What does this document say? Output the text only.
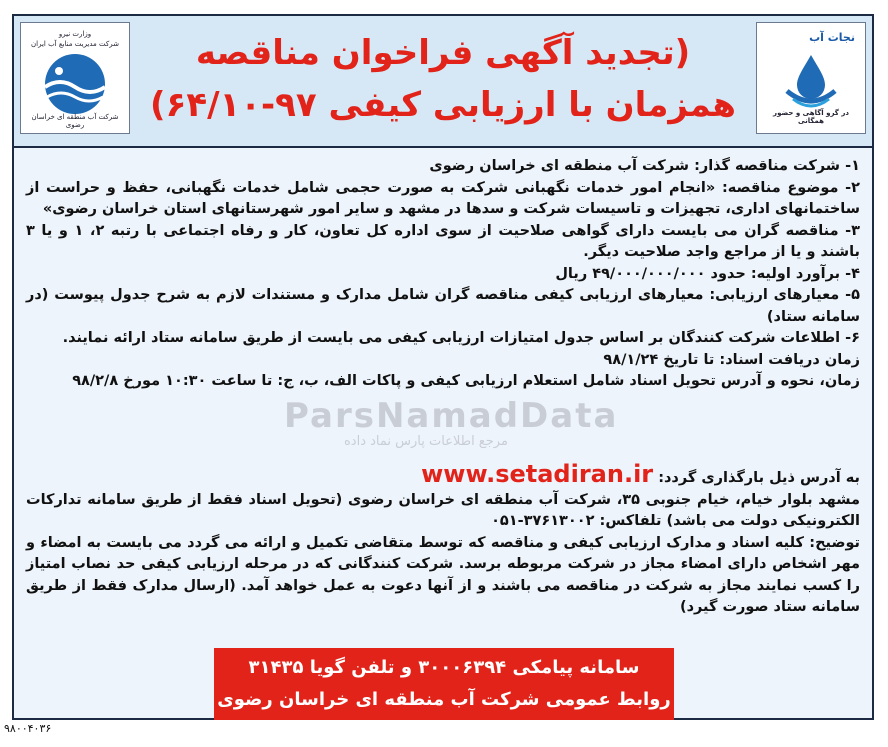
وزارت نیرو
شرکت مدیریت منابع آب ایران
شرکت آب منطقه ای خراسان رضوی
(تجدید آگهی فراخوان مناقصه
همزمان با ارزیابی کیفی ۹۷-۶۴/۱۰)
نجات آب
در گرو آگاهی و حضور همگانی
ParsNamadData
مرجع اطلاعات پارس نماد داده

۱- شرکت مناقصه گذار: شرکت آب منطقه ای خراسان رضوی

۲- موضوع مناقصه: «انجام امور خدمات نگهبانی شرکت به صورت حجمی شامل خدمات نگهبانی، حفظ و حراست از ساختمانهای اداری، تجهیزات و تاسیسات شرکت و سدها در مشهد و سایر امور شهرستانهای استان خراسان رضوی»

۳- مناقصه گران می بایست دارای گواهی صلاحیت از سوی اداره کل تعاون، کار و رفاه اجتماعی با رتبه ۲، ۱ و یا ۳ باشند و یا از مراجع واجد صلاحیت دیگر.

۴- برآورد اولیه: حدود ۴۹/۰۰۰/۰۰۰/۰۰۰ ریال

۵- معیارهای ارزیابی: معیارهای ارزیابی کیفی مناقصه گران شامل مدارک و مستندات لازم به شرح جدول پیوست (در سامانه ستاد)

۶- اطلاعات شرکت کنندگان بر اساس جدول امتیازات ارزیابی کیفی می بایست از طریق سامانه ستاد ارائه نمایند.

زمان دریافت اسناد: تا تاریخ ۹۸/۱/۲۴

زمان، نحوه و آدرس تحویل اسناد شامل استعلام ارزیابی کیفی و پاکات الف، ب، ج: تا ساعت ۱۰:۳۰ مورخ ۹۸/۲/۸

به آدرس ذیل بارگذاری گردد: www.setadiran.ir

مشهد بلوار خیام، خیام جنوبی ۳۵، شرکت آب منطقه ای خراسان رضوی (تحویل اسناد فقط از طریق سامانه تدارکات الکترونیکی دولت می باشد) تلفاکس: ۳۷۶۱۳۰۰۲-۰۵۱

توضیح: کلیه اسناد و مدارک ارزیابی کیفی و مناقصه که توسط متقاضی تکمیل و ارائه می گردد می بایست به امضاء و مهر اشخاص دارای امضاء مجاز در شرکت مربوطه برسد. شرکت کنندگانی که در مرحله ارزیابی کیفی حد نصاب امتیاز را کسب نمایند مجاز به شرکت در مناقصه می باشند و از آنها دعوت به عمل خواهد آمد. (ارسال مدارک فقط از طریق سامانه ستاد صورت گیرد)

سامانه پیامکی ۳۰۰۰۶۳۹۴ و تلفن گویا ۳۱۴۳۵
روابط عمومی شرکت آب منطقه ای خراسان رضوی
۹۸۰۰۴۰۳۶
